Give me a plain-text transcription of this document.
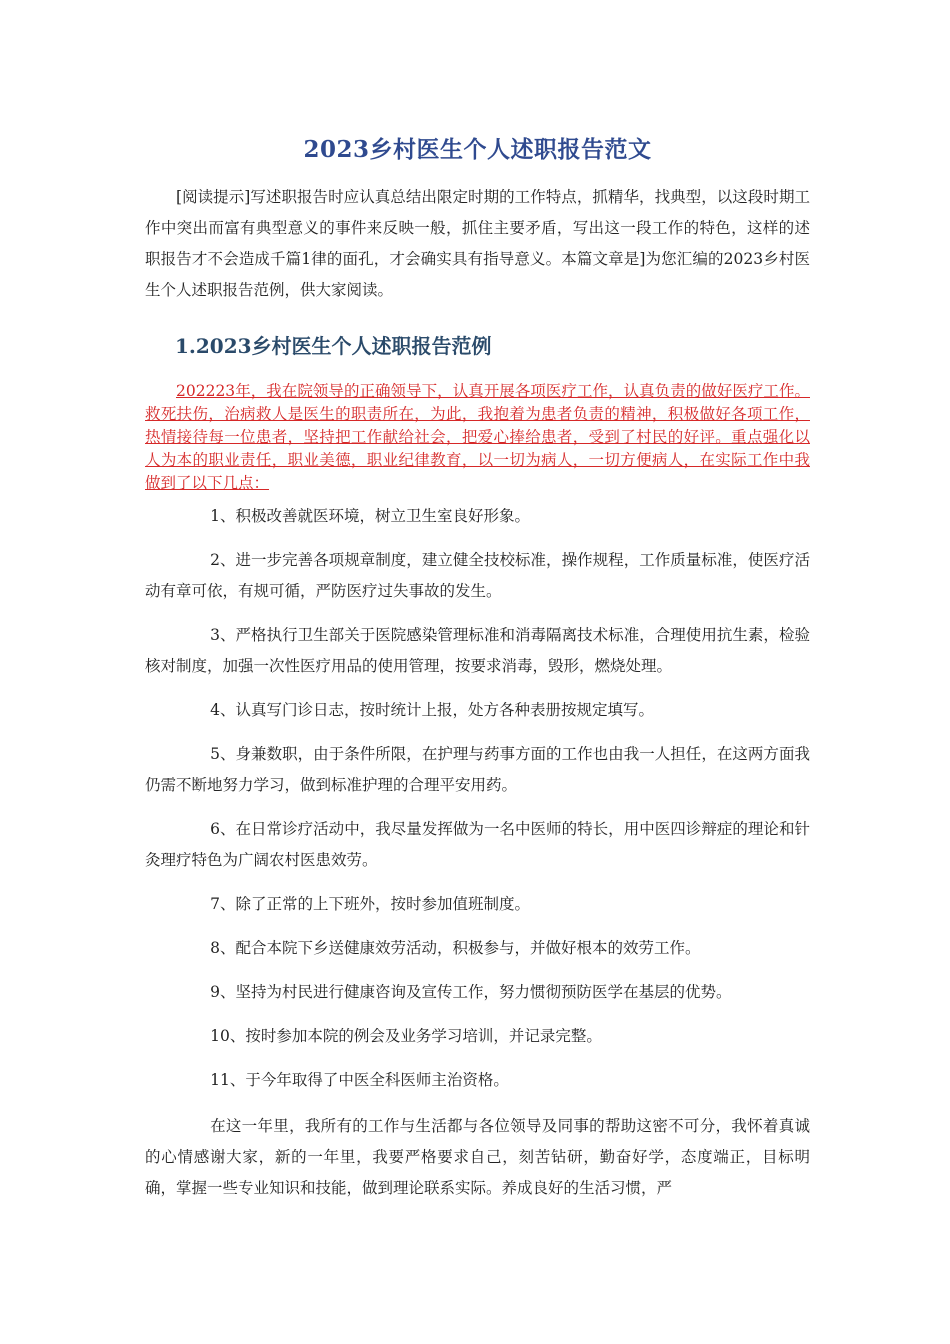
2023乡村医生个人述职报告范文

[阅读提示]写述职报告时应认真总结出限定时期的工作特点，抓精华，找典型，以这段时期工作中突出而富有典型意义的事件来反映一般，抓住主要矛盾，写出这一段工作的特色，这样的述职报告才不会造成千篇1律的面孔，才会确实具有指导意义。本篇文章是]为您汇编的2023乡村医生个人述职报告范例，供大家阅读。

1.2023乡村医生个人述职报告范例

202223年，我在院领导的正确领导下，认真开展各项医疗工作，认真负责的做好医疗工作。救死扶伤，治病救人是医生的职责所在，为此，我抱着为患者负责的精神，积极做好各项工作，热情接待每一位患者，坚持把工作献给社会，把爱心捧给患者，受到了村民的好评。重点强化以人为本的职业责任，职业美德，职业纪律教育，以一切为病人，一切方便病人，在实际工作中我做到了以下几点：

1、积极改善就医环境，树立卫生室良好形象。

2、进一步完善各项规章制度，建立健全技校标准，操作规程，工作质量标准，使医疗活动有章可依，有规可循，严防医疗过失事故的发生。

3、严格执行卫生部关于医院感染管理标准和消毒隔离技术标准，合理使用抗生素，检验核对制度，加强一次性医疗用品的使用管理，按要求消毒，毁形，燃烧处理。

4、认真写门诊日志，按时统计上报，处方各种表册按规定填写。

5、身兼数职，由于条件所限，在护理与药事方面的工作也由我一人担任，在这两方面我仍需不断地努力学习，做到标准护理的合理平安用药。

6、在日常诊疗活动中，我尽量发挥做为一名中医师的特长，用中医四诊辩症的理论和针灸理疗特色为广阔农村医患效劳。

7、除了正常的上下班外，按时参加值班制度。

8、配合本院下乡送健康效劳活动，积极参与，并做好根本的效劳工作。

9、坚持为村民进行健康咨询及宣传工作，努力惯彻预防医学在基层的优势。

10、按时参加本院的例会及业务学习培训，并记录完整。

11、于今年取得了中医全科医师主治资格。

在这一年里，我所有的工作与生活都与各位领导及同事的帮助这密不可分，我怀着真诚的心情感谢大家，新的一年里，我要严格要求自己，刻苦钻研，勤奋好学，态度端正，目标明确，掌握一些专业知识和技能，做到理论联系实际。养成良好的生活习惯，严
